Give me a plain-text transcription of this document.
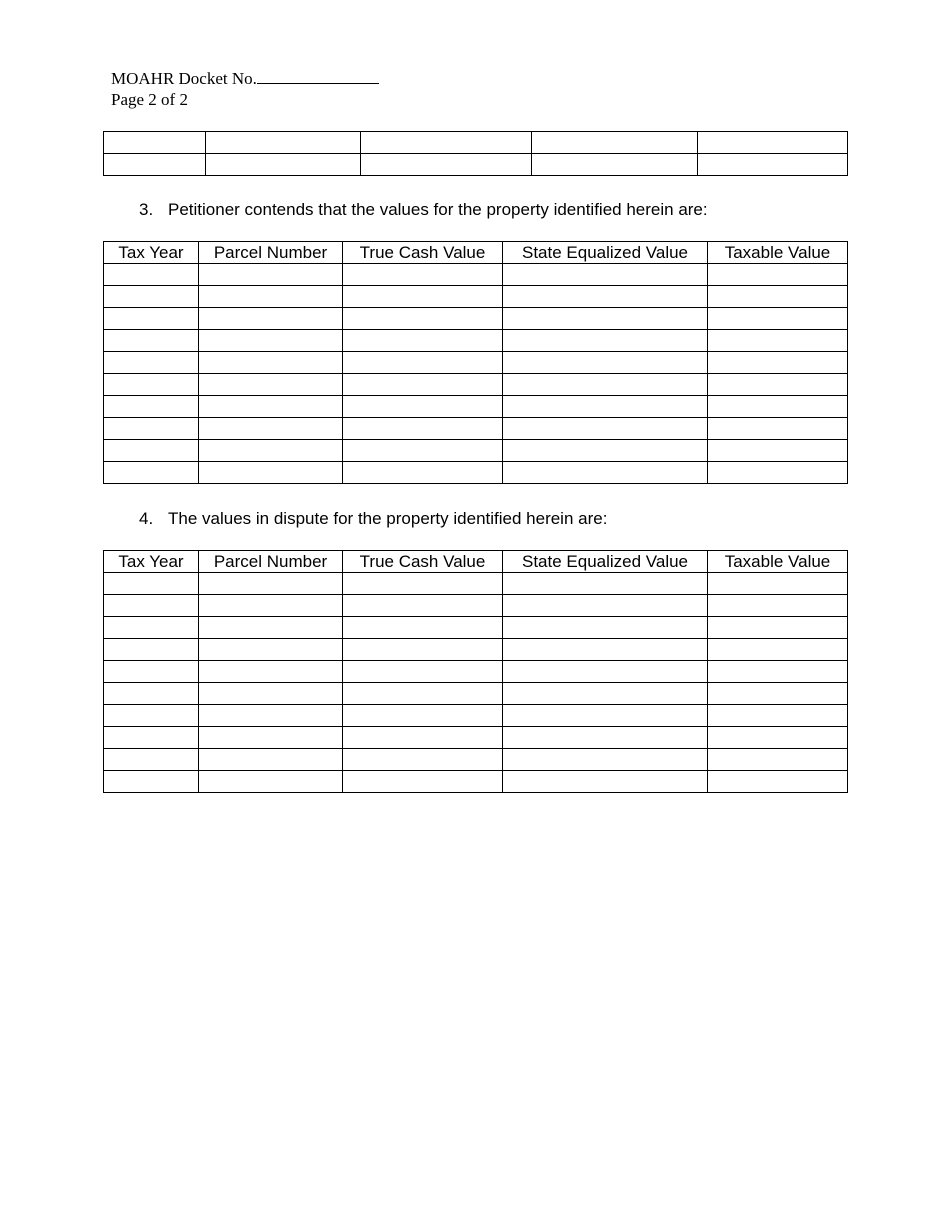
MOAHR Docket No.
Page 2 of 2

3. Petitioner contends that the values for the property identified herein are:
Tax Year	Parcel Number	True Cash Value	State Equalized Value	Taxable Value

4. The values in dispute for the property identified herein are:
Tax Year	Parcel Number	True Cash Value	State Equalized Value	Taxable Value
